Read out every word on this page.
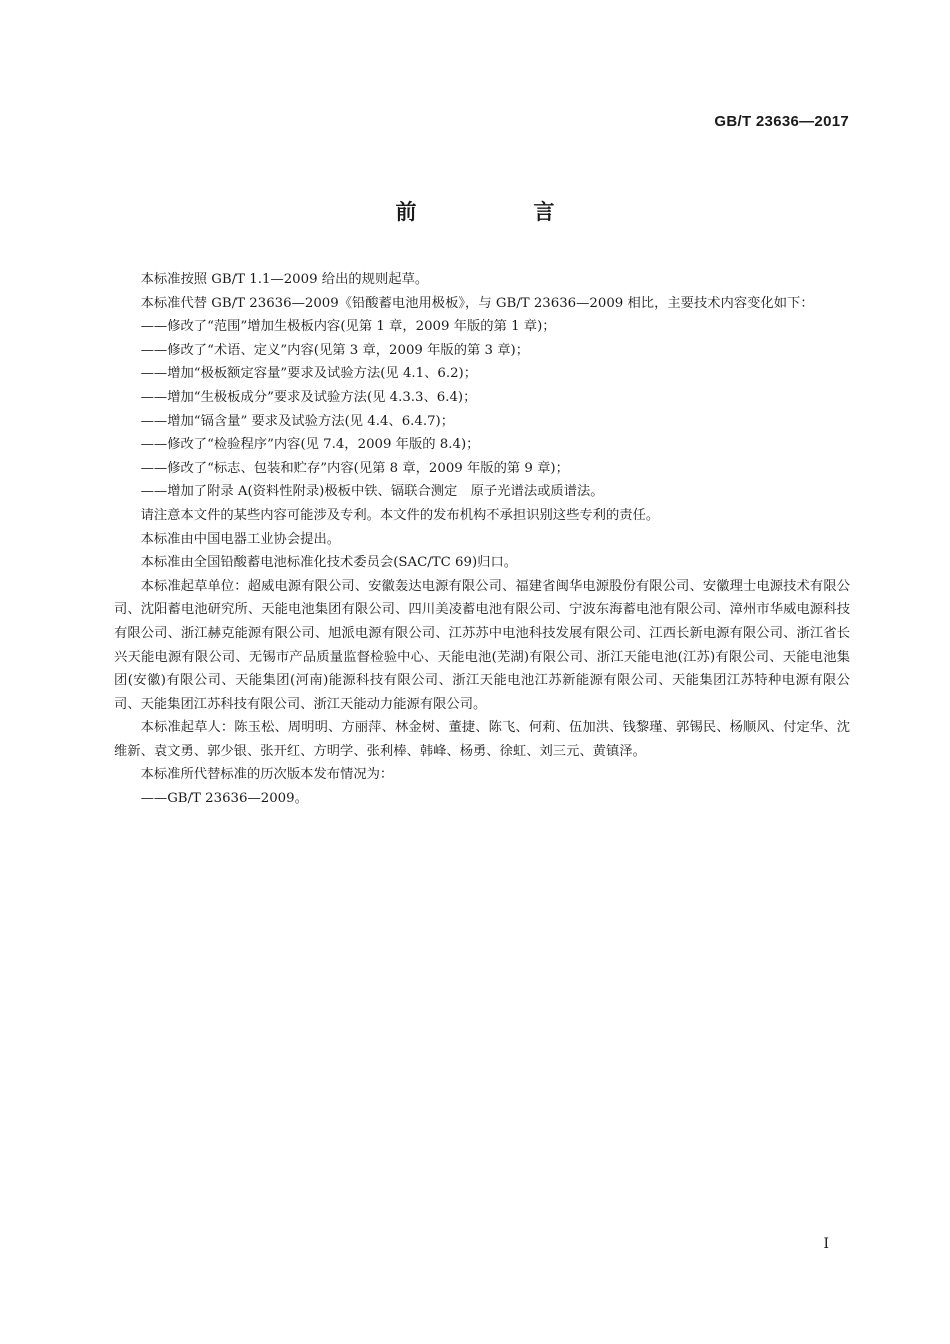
GB/T 23636—2017
前　言

本标准按照 GB/T 1.1—2009 给出的规则起草。

本标准代替 GB/T 23636—2009《铅酸蓄电池用极板》，与 GB/T 23636—2009 相比，主要技术内容变化如下：

——修改了“范围”增加生极板内容(见第 1 章，2009 年版的第 1 章)；

——修改了“术语、定义”内容(见第 3 章，2009 年版的第 3 章)；

——增加“极板额定容量”要求及试验方法(见 4.1、6.2)；

——增加“生极板成分”要求及试验方法(见 4.3.3、6.4)；

——增加“镉含量” 要求及试验方法(见 4.4、6.4.7)；

——修改了“检验程序”内容(见 7.4，2009 年版的 8.4)；

——修改了“标志、包装和贮存”内容(见第 8 章，2009 年版的第 9 章)；

——增加了附录 A(资料性附录)极板中铁、镉联合测定　原子光谱法或质谱法。

请注意本文件的某些内容可能涉及专利。本文件的发布机构不承担识别这些专利的责任。

本标准由中国电器工业协会提出。

本标准由全国铅酸蓄电池标准化技术委员会(SAC/TC 69)归口。

本标准起草单位：超威电源有限公司、安徽轰达电源有限公司、福建省闽华电源股份有限公司、安徽理士电源技术有限公司、沈阳蓄电池研究所、天能电池集团有限公司、四川美凌蓄电池有限公司、宁波东海蓄电池有限公司、漳州市华威电源科技有限公司、浙江赫克能源有限公司、旭派电源有限公司、江苏苏中电池科技发展有限公司、江西长新电源有限公司、浙江省长兴天能电源有限公司、无锡市产品质量监督检验中心、天能电池(芜湖)有限公司、浙江天能电池(江苏)有限公司、天能电池集团(安徽)有限公司、天能集团(河南)能源科技有限公司、浙江天能电池江苏新能源有限公司、天能集团江苏特种电源有限公司、天能集团江苏科技有限公司、浙江天能动力能源有限公司。

本标准起草人：陈玉松、周明明、方丽萍、林金树、董捷、陈飞、何莉、伍加洪、钱黎瑾、郭锡民、杨顺风、付定华、沈维新、袁文勇、郭少银、张开红、方明学、张利棒、韩峰、杨勇、徐虹、刘三元、黄镇泽。

本标准所代替标准的历次版本发布情况为：

——GB/T 23636—2009。

I
